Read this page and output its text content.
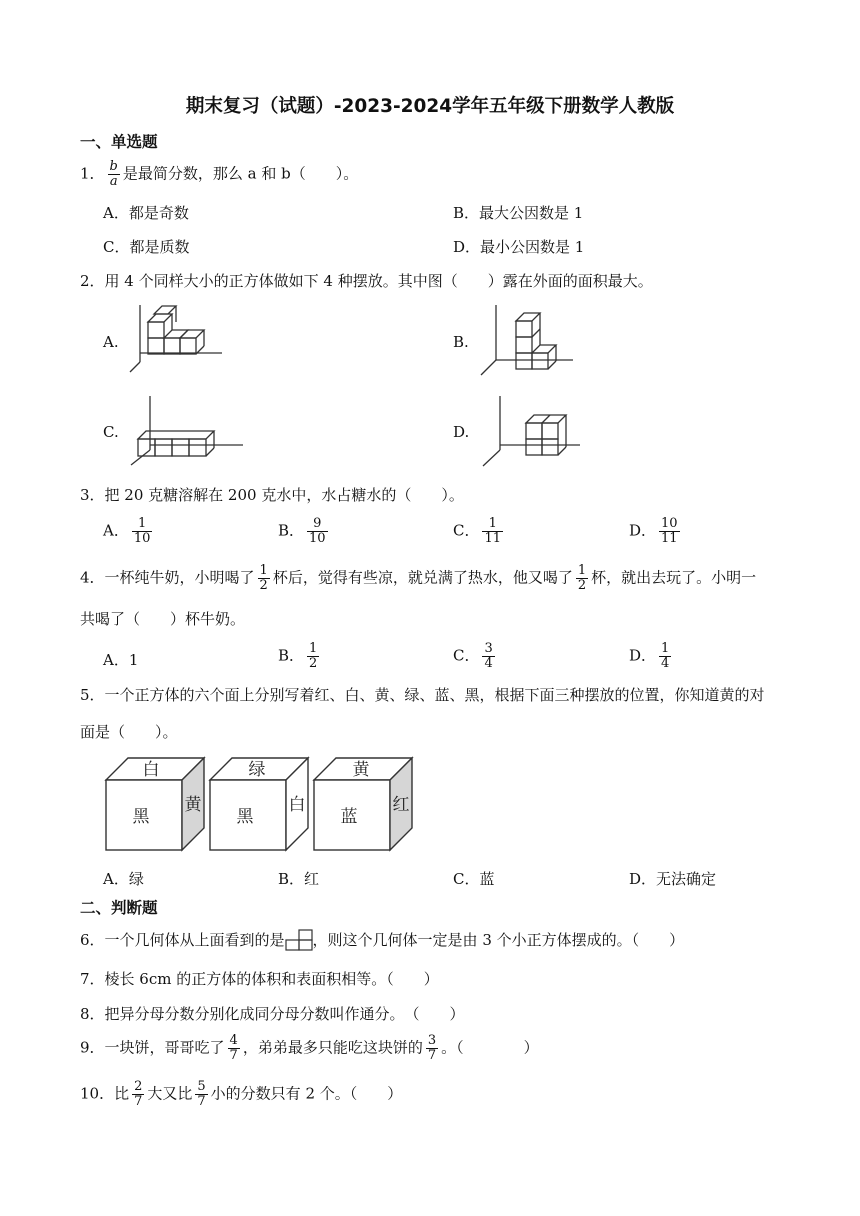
期末复习（试题）-2023-2024学年五年级下册数学人教版
一、单选题
1． $\frac{b}{a}$ 是最简分数，那么 a 和 b（　　）。
A．都是奇数	B．最大公因数是 1
C．都是质数	D．最小公因数是 1
2．用 4 个同样大小的正方体做如下 4 种摆放。其中图（　　）露在外面的面积最大。
A.	B.
C.	D.
3．把 20 克糖溶解在 200 克水中，水占糖水的（　　）。
A． $\frac{1}{10}$	B． $\frac{9}{10}$	C． $\frac{1}{11}$	D． $\frac{10}{11}$
4．一杯纯牛奶，小明喝了 $\frac{1}{2}$ 杯后，觉得有些凉，就兑满了热水，他又喝了 $\frac{1}{2}$ 杯，就出去玩了。小明一
共喝了（　　）杯牛奶。
A．1	B． $\frac{1}{2}$	C． $\frac{3}{4}$	D． $\frac{1}{4}$
5．一个正方体的六个面上分别写着红、白、黄、绿、蓝、黑，根据下面三种摆放的位置，你知道黄的对
面是（　　）。
白
黑
黄
绿
黑
白
黄
蓝
红
A．绿	B．红	C．蓝	D．无法确定
二、判断题
6．一个几何体从上面看到的是 ，则这个几何体一定是由 3 个小正方体摆成的。（　　）
7．棱长 6cm 的正方体的体积和表面积相等。（　　）
8．把异分母分数分别化成同分母分数叫作通分。　（　　）
9．一块饼，哥哥吃了 $\frac{4}{7}$ ，弟弟最多只能吃这块饼的 $\frac{3}{7}$ 。（　　　　）
10．比 $\frac{2}{7}$ 大又比 $\frac{5}{7}$ 小的分数只有 2 个。（　　）
